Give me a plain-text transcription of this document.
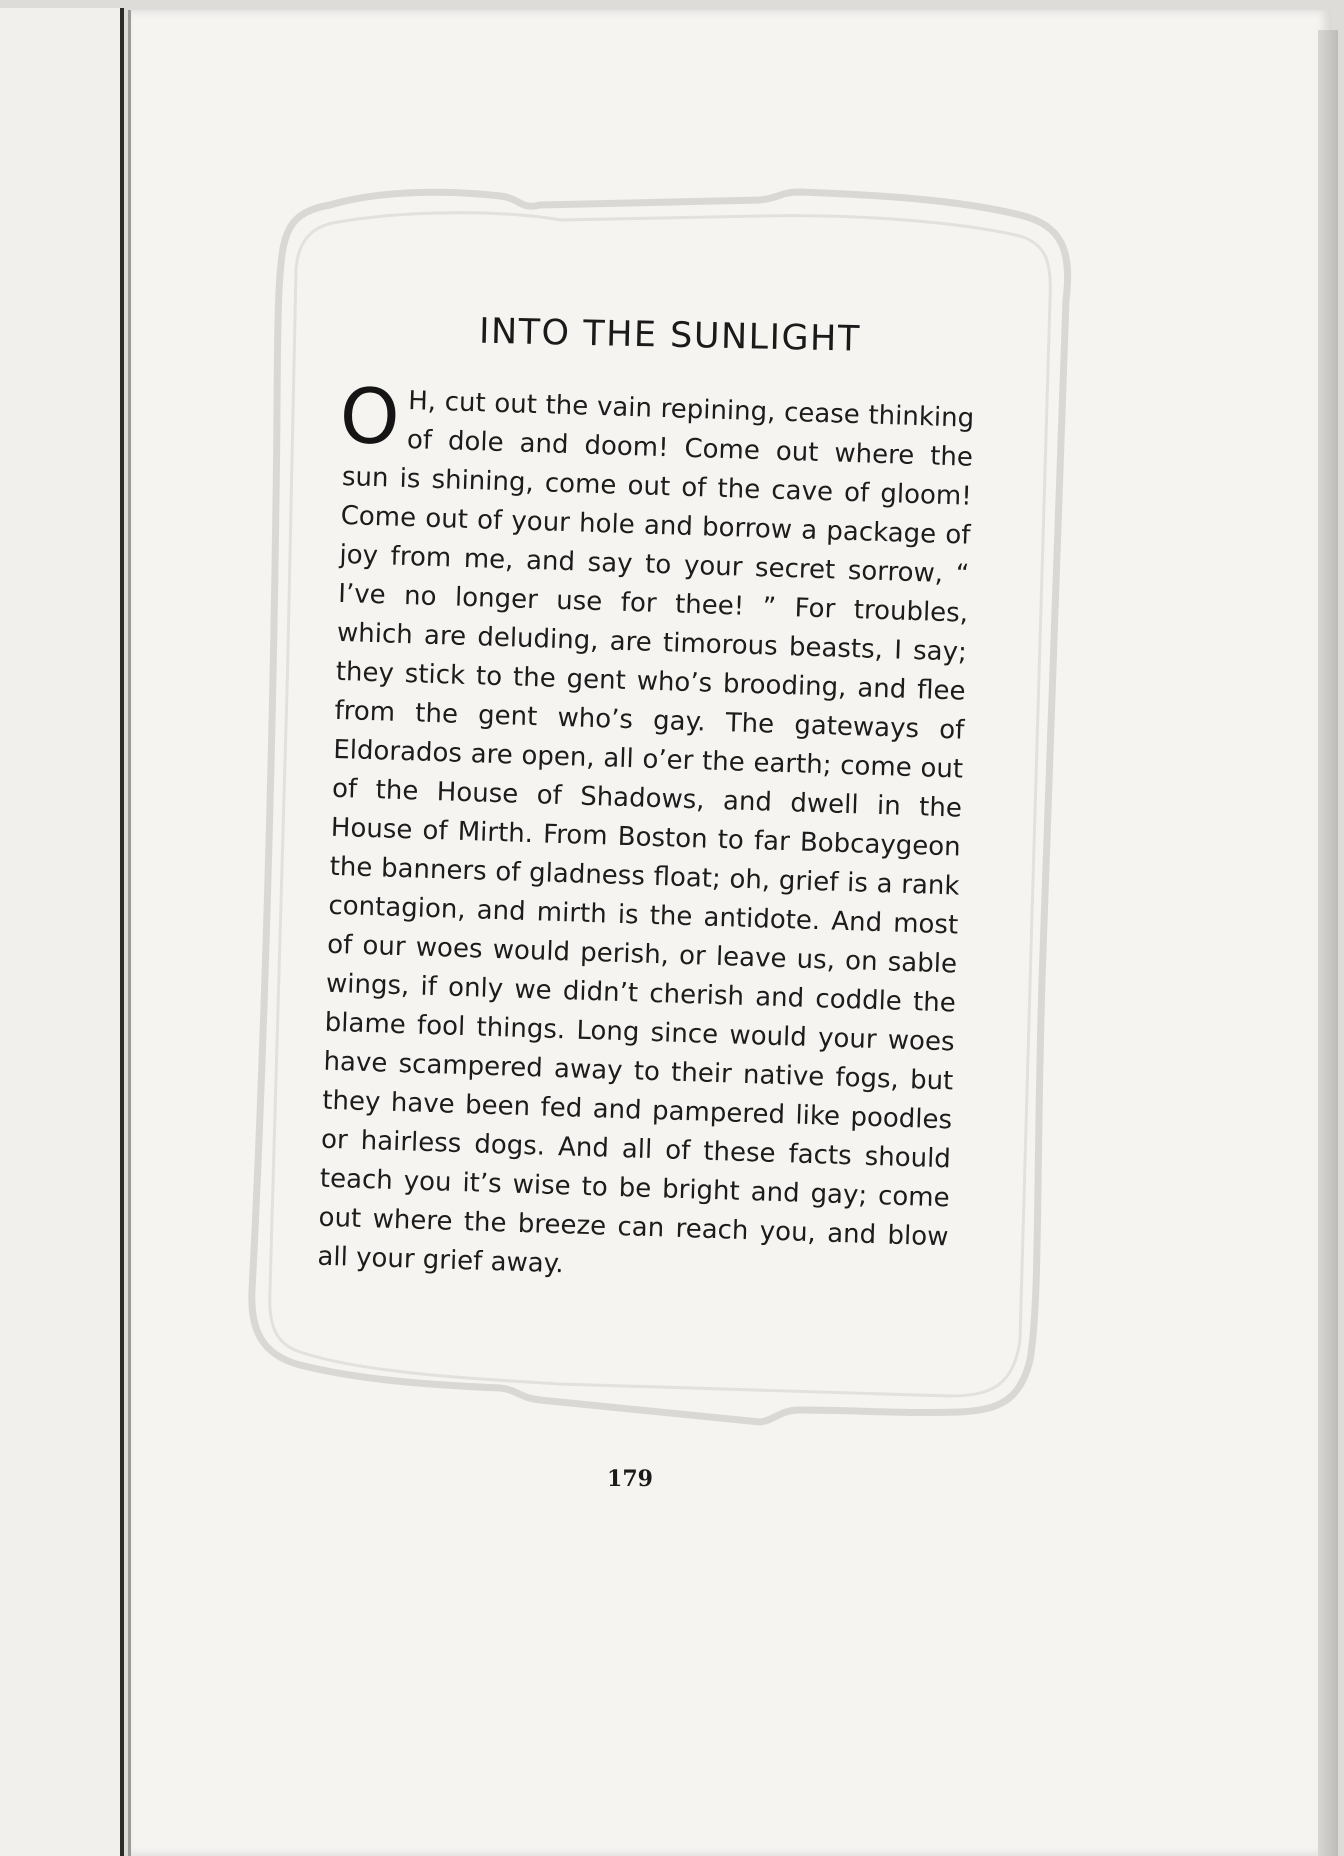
INTO THE SUNLIGHT
O H, cut out the vain repining, cease thinking of dole and doom! Come out where the sun is shining, come out of the cave of gloom! Come out of your hole and borrow a package of joy from me, and say to your secret sorrow, “ I’ve no longer use for thee! ” For troubles, which are deluding, are timorous beasts, I say; they stick to the gent who’s brooding, and flee from the gent who’s gay. The gateways of Eldorados are open, all o’er the earth; come out of the House of Shadows, and dwell in the House of Mirth. From Boston to far Bobcaygeon the banners of gladness float; oh, grief is a rank contagion, and mirth is the antidote. And most of our woes would perish, or leave us, on sable wings, if only we didn’t cherish and coddle the blame fool things. Long since would your woes have scampered away to their native fogs, but they have been fed and pampered like poodles or hairless dogs. And all of these facts should teach you it’s wise to be bright and gay; come out where the breeze can reach you, and blow all your grief away.
179
